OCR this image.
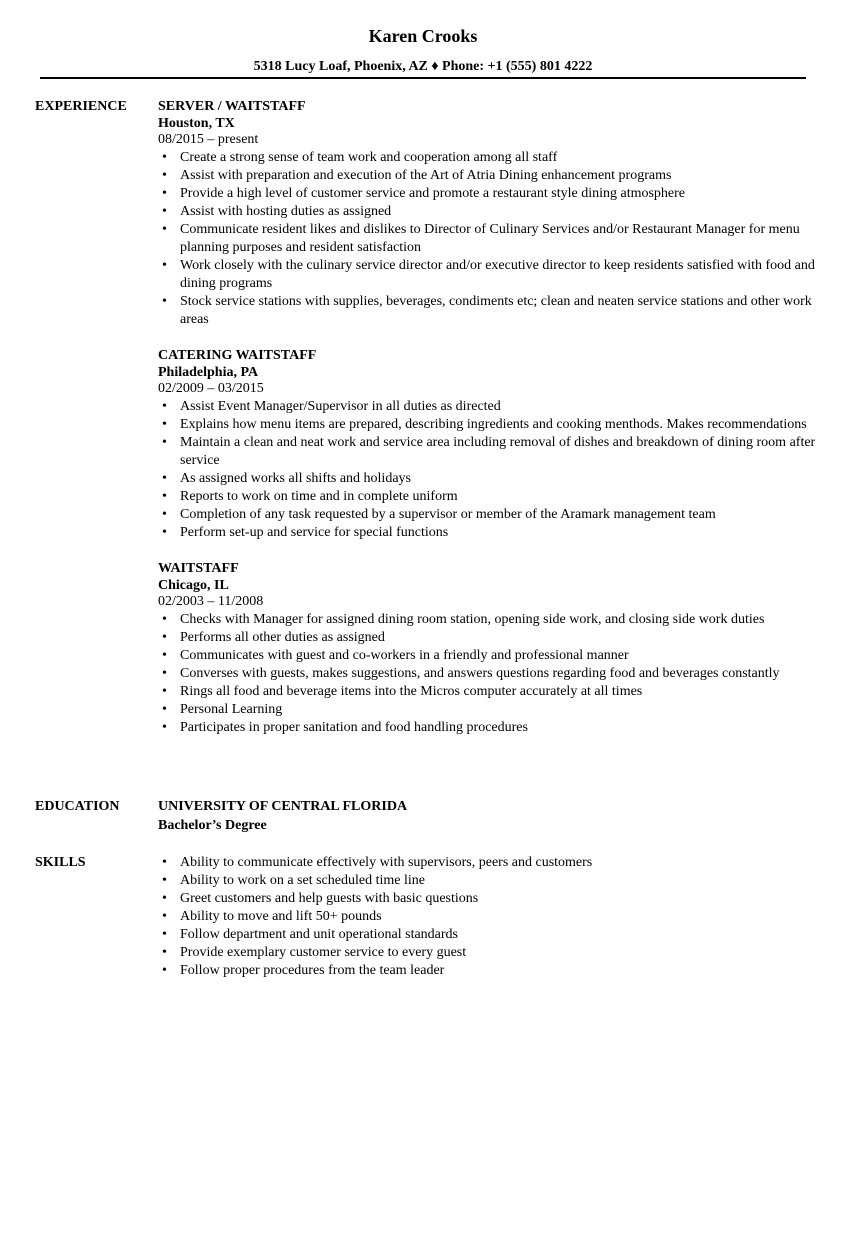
Karen Crooks
5318 Lucy Loaf, Phoenix, AZ ♦ Phone: +1 (555) 801 4222
EXPERIENCE SERVER / WAITSTAFF
Houston, TX
08/2015 – present
• Create a strong sense of team work and cooperation among all staff
• Assist with preparation and execution of the Art of Atria Dining enhancement programs
• Provide a high level of customer service and promote a restaurant style dining atmosphere
• Assist with hosting duties as assigned
• Communicate resident likes and dislikes to Director of Culinary Services and/or Restaurant Manager for menu planning purposes and resident satisfaction
• Work closely with the culinary service director and/or executive director to keep residents satisfied with food and dining programs
• Stock service stations with supplies, beverages, condiments etc; clean and neaten service stations and other work areas
CATERING WAITSTAFF
Philadelphia, PA
02/2009 – 03/2015
• Assist Event Manager/Supervisor in all duties as directed
• Explains how menu items are prepared, describing ingredients and cooking menthods. Makes recommendations
• Maintain a clean and neat work and service area including removal of dishes and breakdown of dining room after service
• As assigned works all shifts and holidays
• Reports to work on time and in complete uniform
• Completion of any task requested by a supervisor or member of the Aramark management team
• Perform set-up and service for special functions
WAITSTAFF
Chicago, IL
02/2003 – 11/2008
• Checks with Manager for assigned dining room station, opening side work, and closing side work duties
• Performs all other duties as assigned
• Communicates with guest and co-workers in a friendly and professional manner
• Converses with guests, makes suggestions, and answers questions regarding food and beverages constantly
• Rings all food and beverage items into the Micros computer accurately at all times
• Personal Learning
• Participates in proper sanitation and food handling procedures
EDUCATION	UNIVERSITY OF CENTRAL FLORIDA
Bachelor’s Degree
SKILLS	• Ability to communicate effectively with supervisors, peers and customers
• Ability to work on a set scheduled time line
• Greet customers and help guests with basic questions
• Ability to move and lift 50+ pounds
• Follow department and unit operational standards
• Provide exemplary customer service to every guest
• Follow proper procedures from the team leader
